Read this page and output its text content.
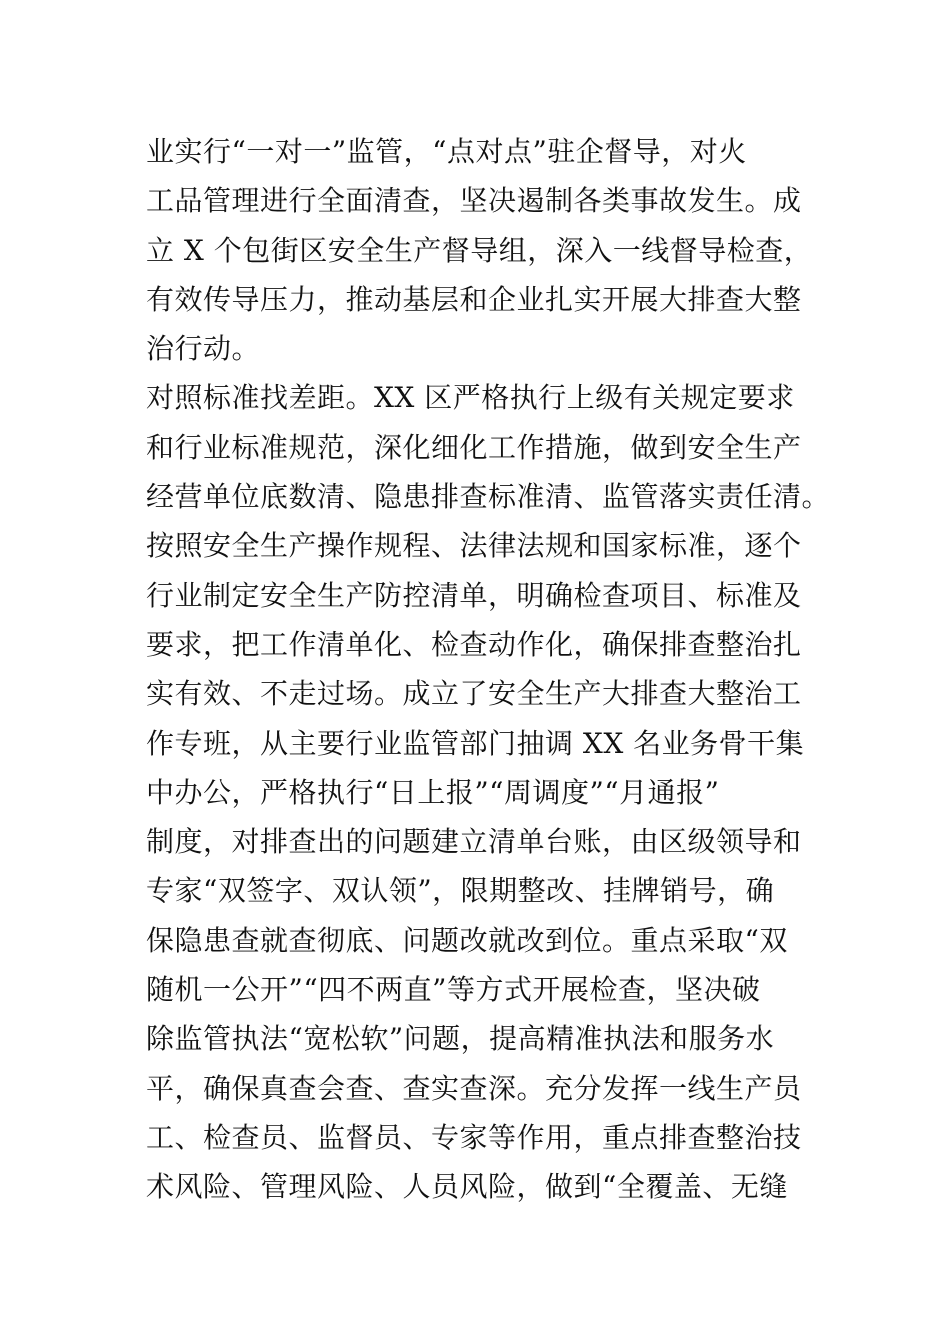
业实行“一对一”监管，“点对点”驻企督导，对火
工品管理进行全面清查，坚决遏制各类事故发生。成
立 X 个包街区安全生产督导组，深入一线督导检查，
有效传导压力，推动基层和企业扎实开展大排查大整
治行动。
对照标准找差距。XX 区严格执行上级有关规定要求
和行业标准规范，深化细化工作措施，做到安全生产
经营单位底数清、隐患排查标准清、监管落实责任清。
按照安全生产操作规程、法律法规和国家标准，逐个
行业制定安全生产防控清单，明确检查项目、标准及
要求，把工作清单化、检查动作化，确保排查整治扎
实有效、不走过场。成立了安全生产大排查大整治工
作专班，从主要行业监管部门抽调 XX 名业务骨干集
中办公，严格执行“日上报”“周调度”“月通报”
制度，对排查出的问题建立清单台账，由区级领导和
专家“双签字、双认领”，限期整改、挂牌销号，确
保隐患查就查彻底、问题改就改到位。重点采取“双
随机一公开”“四不两直”等方式开展检查，坚决破
除监管执法“宽松软”问题，提高精准执法和服务水
平，确保真查会查、查实查深。充分发挥一线生产员
工、检查员、监督员、专家等作用，重点排查整治技
术风险、管理风险、人员风险，做到“全覆盖、无缝
